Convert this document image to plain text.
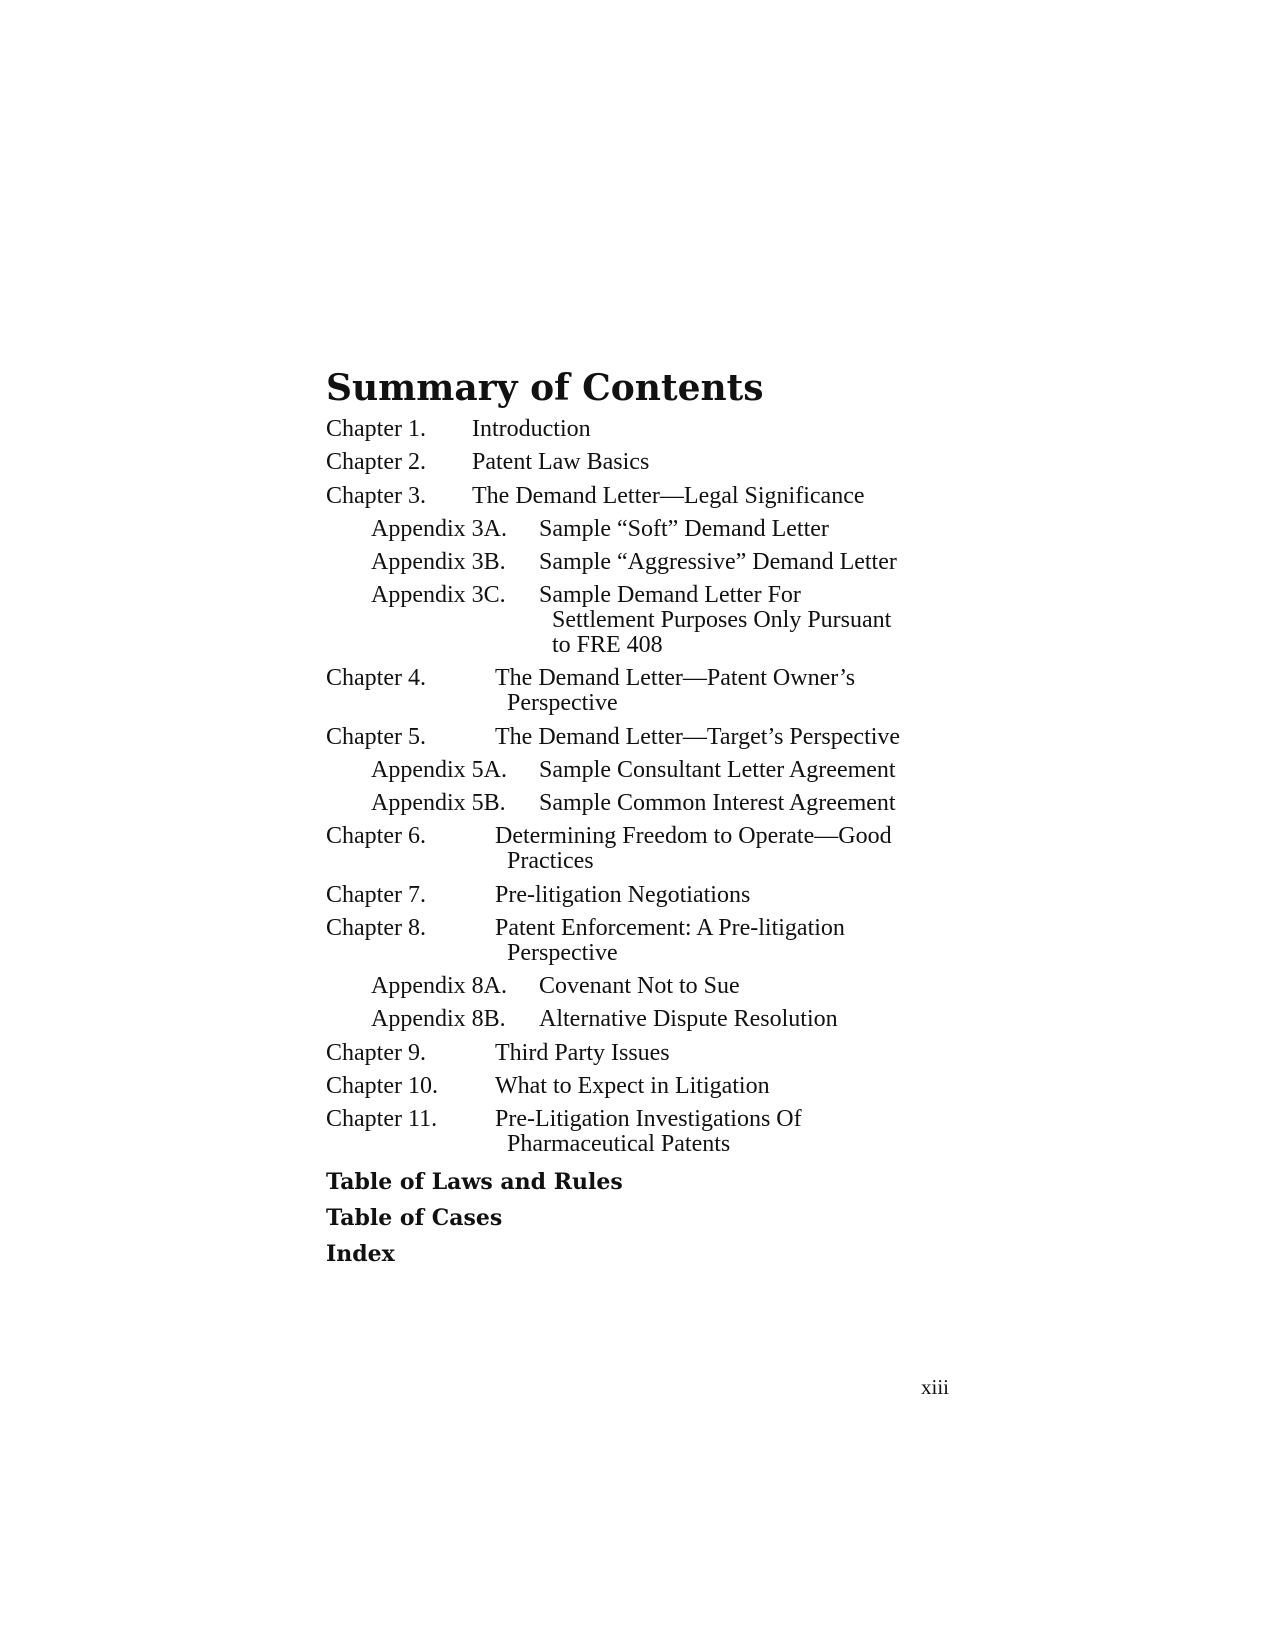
Summary of Contents
Chapter 1. Introduction
Chapter 2. Patent Law Basics
Chapter 3. The Demand Letter—Legal Significance
Appendix 3A. Sample “Soft” Demand Letter
Appendix 3B. Sample “Aggressive” Demand Letter
Appendix 3C. Sample Demand Letter For
Settlement Purposes Only Pursuant
to FRE 408
Chapter 4.	The Demand Letter—Patent Owner’s
Perspective
Chapter 5.	The Demand Letter—Target’s Perspective
Appendix 5A. Sample Consultant Letter Agreement
Appendix 5B. Sample Common Interest Agreement
Chapter 6.	Determining Freedom to Operate—Good
Practices
Chapter 7.	Pre-litigation Negotiations
Chapter 8.	Patent Enforcement: A Pre-litigation
Perspective
Appendix 8A. Covenant Not to Sue
Appendix 8B. Alternative Dispute Resolution
Chapter 9.	Third Party Issues
Chapter 10. What to Expect in Litigation
Chapter 11. Pre-Litigation Investigations Of
Pharmaceutical Patents
Table of Laws and Rules
Table of Cases
Index
xiii
